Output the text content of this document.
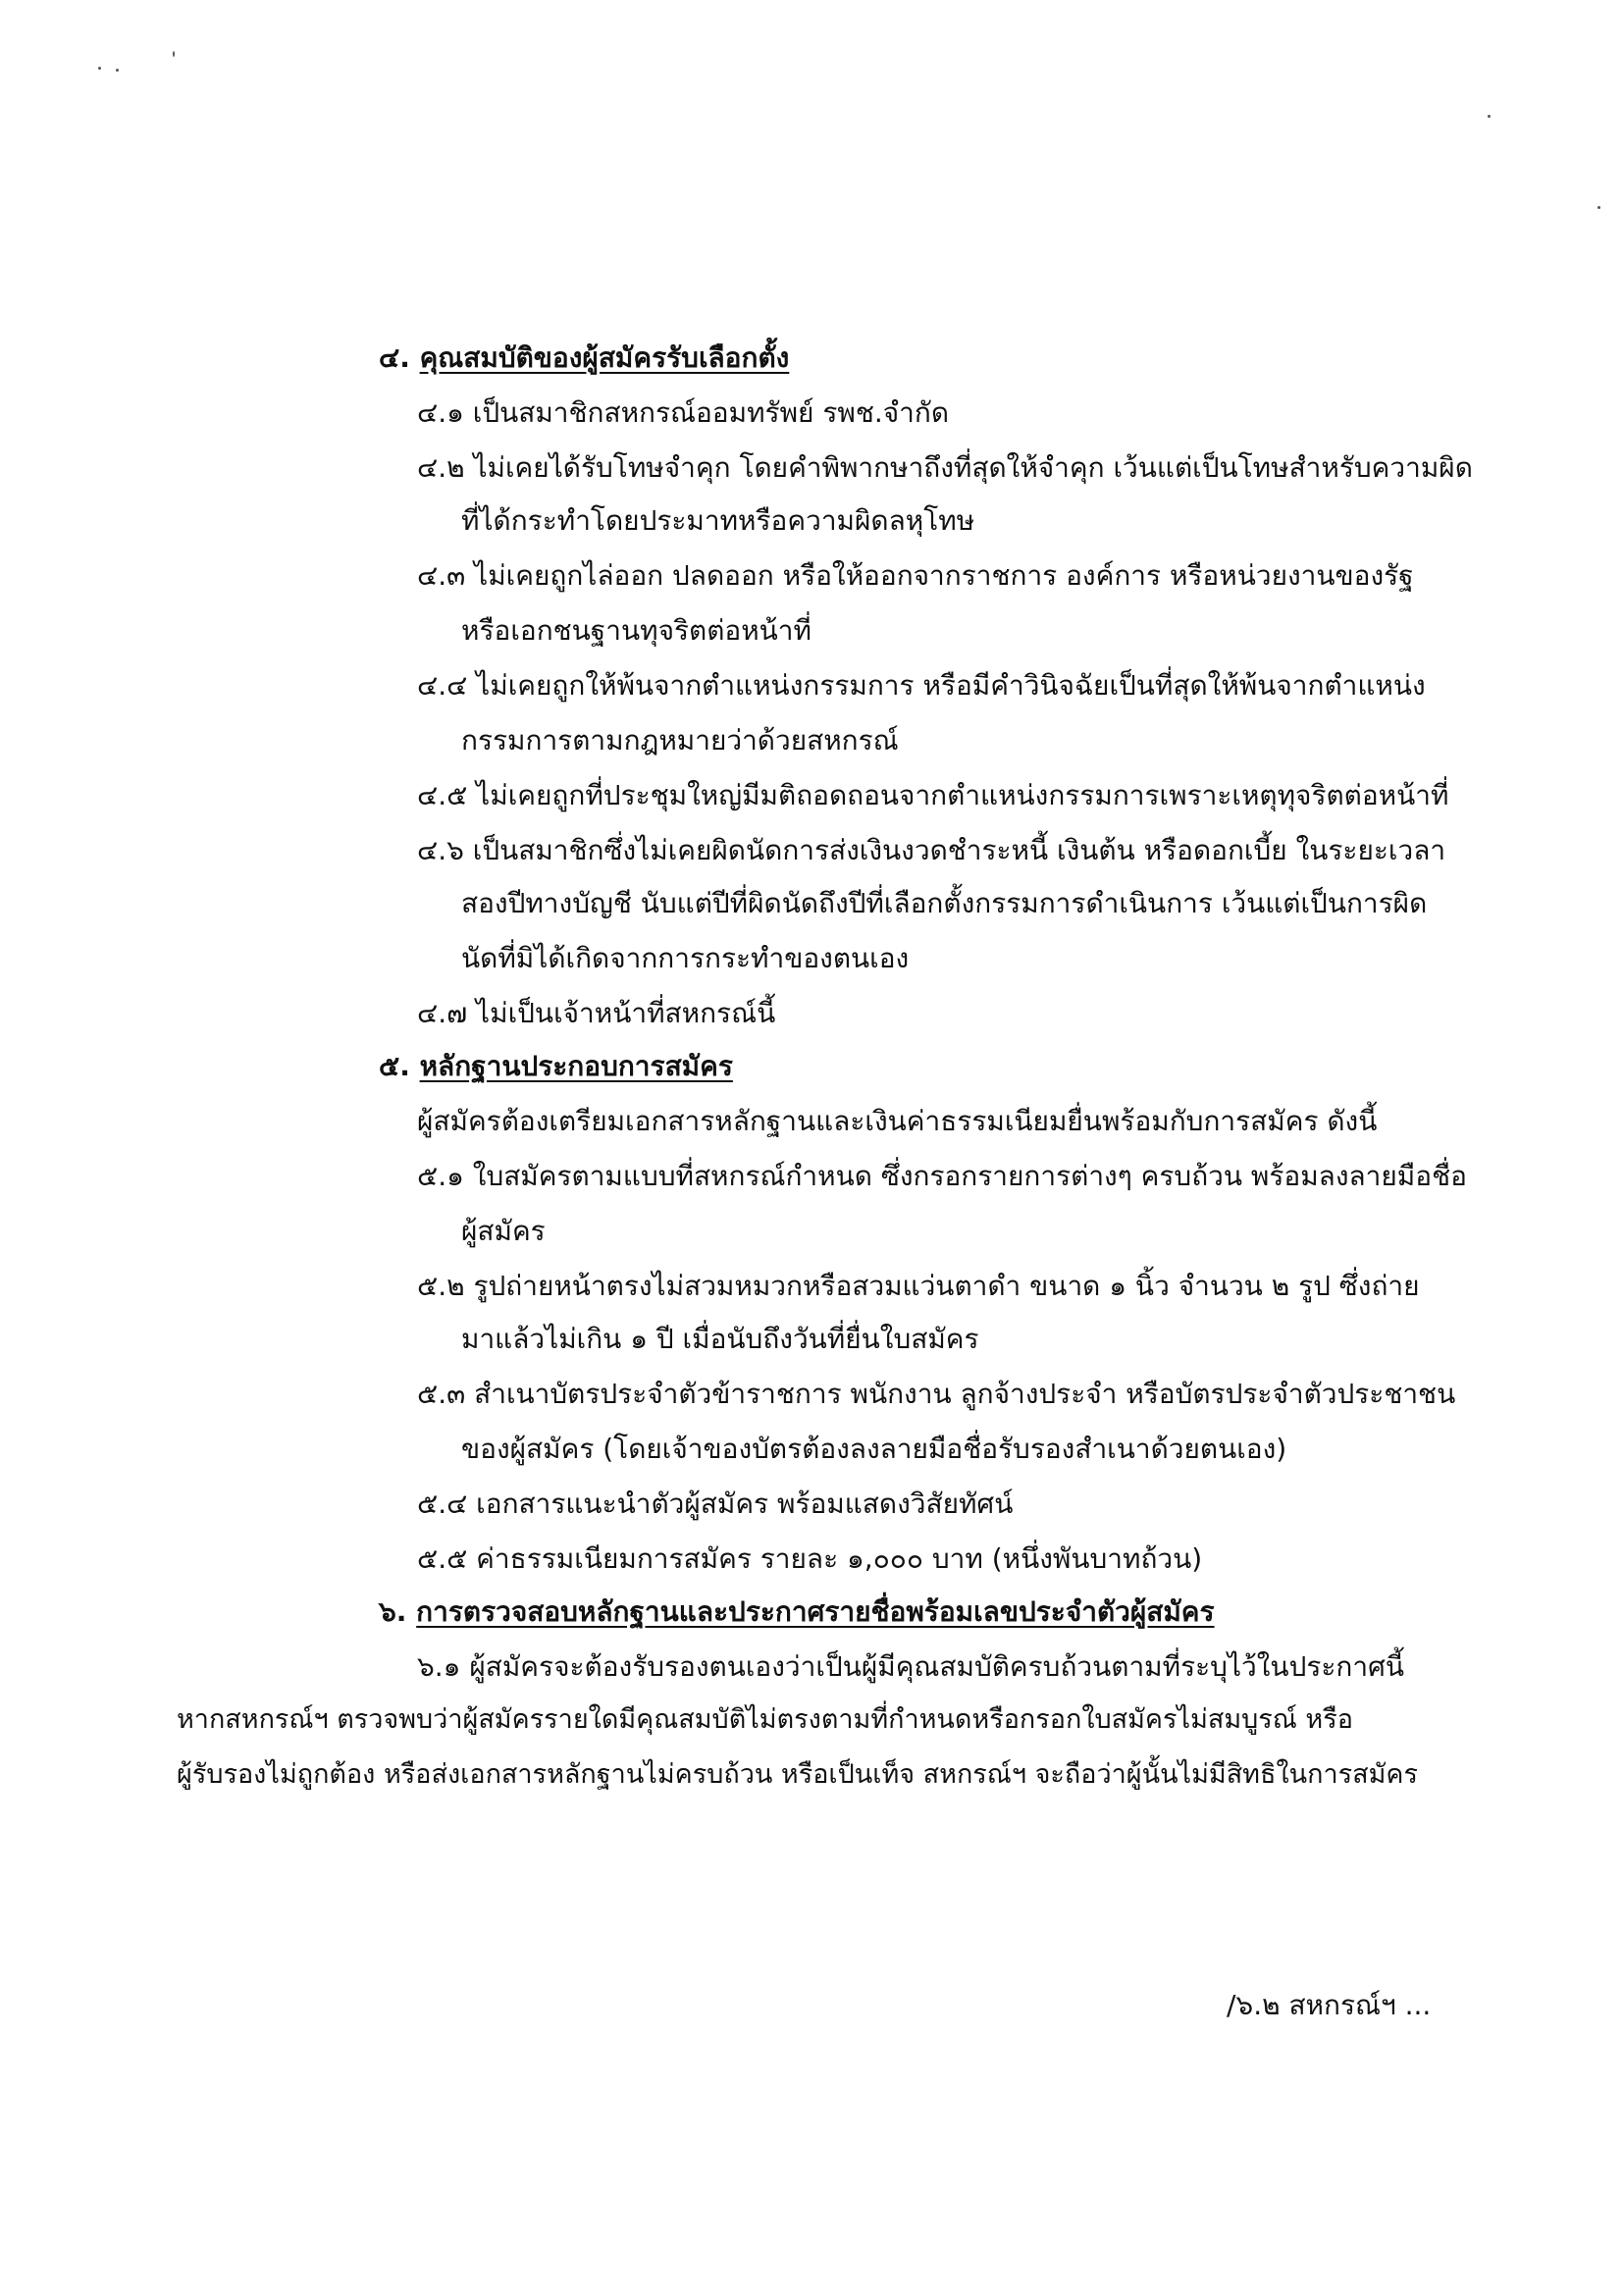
๔. คุณสมบัติของผู้สมัครรับเลือกตั้ง
๔.๑ เป็นสมาชิกสหกรณ์ออมทรัพย์ รพช.จำกัด
๔.๒ ไม่เคยได้รับโทษจำคุก โดยคำพิพากษาถึงที่สุดให้จำคุก เว้นแต่เป็นโทษสำหรับความผิด
ที่ได้กระทำโดยประมาทหรือความผิดลหุโทษ
๔.๓ ไม่เคยถูกไล่ออก ปลดออก หรือให้ออกจากราชการ องค์การ หรือหน่วยงานของรัฐ
หรือเอกชนฐานทุจริตต่อหน้าที่
๔.๔ ไม่เคยถูกให้พ้นจากตำแหน่งกรรมการ หรือมีคำวินิจฉัยเป็นที่สุดให้พ้นจากตำแหน่ง
กรรมการตามกฎหมายว่าด้วยสหกรณ์
๔.๕ ไม่เคยถูกที่ประชุมใหญ่มีมติถอดถอนจากตำแหน่งกรรมการเพราะเหตุทุจริตต่อหน้าที่
๔.๖ เป็นสมาชิกซึ่งไม่เคยผิดนัดการส่งเงินงวดชำระหนี้ เงินต้น หรือดอกเบี้ย ในระยะเวลา
สองปีทางบัญชี นับแต่ปีที่ผิดนัดถึงปีที่เลือกตั้งกรรมการดำเนินการ เว้นแต่เป็นการผิด
นัดที่มิได้เกิดจากการกระทำของตนเอง
๔.๗ ไม่เป็นเจ้าหน้าที่สหกรณ์นี้
๕. หลักฐานประกอบการสมัคร
ผู้สมัครต้องเตรียมเอกสารหลักฐานและเงินค่าธรรมเนียมยื่นพร้อมกับการสมัคร ดังนี้
๕.๑ ใบสมัครตามแบบที่สหกรณ์กำหนด ซึ่งกรอกรายการต่างๆ ครบถ้วน พร้อมลงลายมือชื่อ
ผู้สมัคร
๕.๒ รูปถ่ายหน้าตรงไม่สวมหมวกหรือสวมแว่นตาดำ ขนาด ๑ นิ้ว จำนวน ๒ รูป ซึ่งถ่าย
มาแล้วไม่เกิน ๑ ปี เมื่อนับถึงวันที่ยื่นใบสมัคร
๕.๓ สำเนาบัตรประจำตัวข้าราชการ พนักงาน ลูกจ้างประจำ หรือบัตรประจำตัวประชาชน
ของผู้สมัคร (โดยเจ้าของบัตรต้องลงลายมือชื่อรับรองสำเนาด้วยตนเอง)
๕.๔ เอกสารแนะนำตัวผู้สมัคร พร้อมแสดงวิสัยทัศน์
๕.๕ ค่าธรรมเนียมการสมัคร รายละ ๑,๐๐๐ บาท (หนึ่งพันบาทถ้วน)
๖. การตรวจสอบหลักฐานและประกาศรายชื่อพร้อมเลขประจำตัวผู้สมัคร
๖.๑ ผู้สมัครจะต้องรับรองตนเองว่าเป็นผู้มีคุณสมบัติครบถ้วนตามที่ระบุไว้ในประกาศนี้
หากสหกรณ์ฯ ตรวจพบว่าผู้สมัครรายใดมีคุณสมบัติไม่ตรงตามที่กำหนดหรือกรอกใบสมัครไม่สมบูรณ์ หรือ
ผู้รับรองไม่ถูกต้อง หรือส่งเอกสารหลักฐานไม่ครบถ้วน หรือเป็นเท็จ สหกรณ์ฯ จะถือว่าผู้นั้นไม่มีสิทธิในการสมัคร
/๖.๒ สหกรณ์ฯ ...
